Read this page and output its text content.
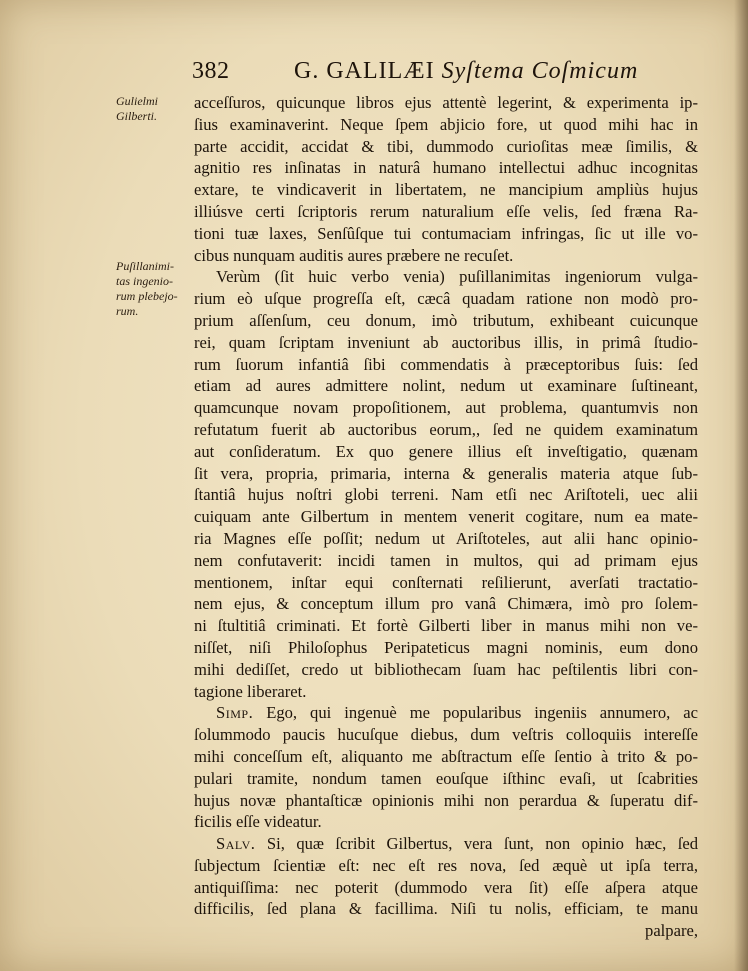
382	G. GALILÆI Syſtema Coſmicum
Gulielmi
Gilberti.
Puſillanimi-
tas ingenio-
rum plebejo-
rum.
acceſſuros, quicunque libros ejus attentè legerint, & experimenta ip-
ſius examinaverint. Neque ſpem abjicio fore, ut quod mihi hac in
parte accidit, accidat & tibi, dummodo curioſitas meæ ſimilis, &
agnitio res inſinatas in naturâ humano intellectui adhuc incognitas
extare, te vindicaverit in libertatem, ne mancipium ampliùs hujus
illiúsve certi ſcriptoris rerum naturalium eſſe velis, ſed fræna Ra-
tioni tuæ laxes, Senſûſque tui contumaciam infringas, ſic ut ille vo-
cibus nunquam auditis aures præbere ne recuſet.
Verùm (ſit huic verbo venia) puſillanimitas ingeniorum vulga-
rium eò uſque progreſſa eſt, cæcâ quadam ratione non modò pro-
prium aſſenſum, ceu donum, imò tributum, exhibeant cuicunque
rei, quam ſcriptam inveniunt ab auctoribus illis, in primâ ſtudio-
rum ſuorum infantiâ ſibi commendatis à præceptoribus ſuis: ſed
etiam ad aures admittere nolint, nedum ut examinare ſuſtineant,
quamcunque novam propoſitionem, aut problema, quantumvis non
refutatum fuerit ab auctoribus eorum,, ſed ne quidem examinatum
aut conſideratum. Ex quo genere illius eſt inveſtigatio, quænam
ſit vera, propria, primaria, interna & generalis materia atque ſub-
ſtantiâ hujus noſtri globi terreni. Nam etſi nec Ariſtoteli, uec alii
cuiquam ante Gilbertum in mentem venerit cogitare, num ea mate-
ria Magnes eſſe poſſit; nedum ut Ariſtoteles, aut alii hanc opinio-
nem confutaverit: incidi tamen in multos, qui ad primam ejus
mentionem, inſtar equi conſternati reſilierunt, averſati tractatio-
nem ejus, & conceptum illum pro vanâ Chimæra, imò pro ſolem-
ni ſtultitiâ criminati. Et fortè Gilberti liber in manus mihi non ve-
niſſet, niſi Philoſophus Peripateticus magni nominis, eum dono
mihi dediſſet, credo ut bibliothecam ſuam hac peſtilentis libri con-
tagione liberaret.
Simp. Ego, qui ingenuè me popularibus ingeniis annumero, ac
ſolummodo paucis hucuſque diebus, dum veſtris colloquiis intereſſe
mihi conceſſum eſt, aliquanto me abſtractum eſſe ſentio à trito & po-
pulari tramite, nondum tamen eouſque iſthinc evaſi, ut ſcabrities
hujus novæ phantaſticæ opinionis mihi non perardua & ſuperatu dif-
ficilis eſſe videatur.
Salv. Si, quæ ſcribit Gilbertus, vera ſunt, non opinio hæc, ſed
ſubjectum ſcientiæ eſt: nec eſt res nova, ſed æquè ut ipſa terra,
antiquiſſima: nec poterit (dummodo vera ſit) eſſe aſpera atque
difficilis, ſed plana & facillima. Niſi tu nolis, efficiam, te manu
palpare,
